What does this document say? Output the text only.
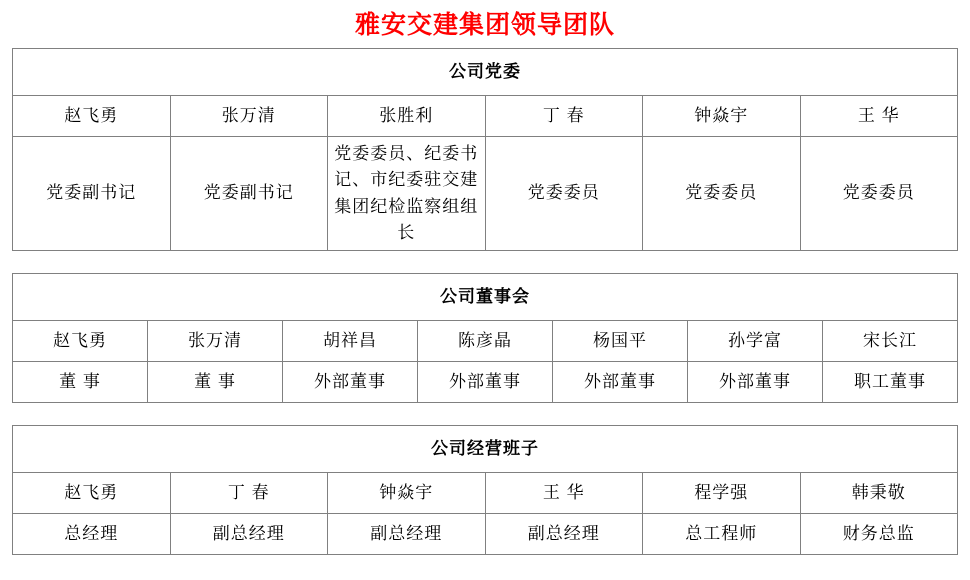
雅安交建集团领导团队
公司党委					
赵飞勇	张万清	张胜利	丁 春	钟焱宇	王 华
党委副书记	党委副书记	党委委员、纪委书记、市纪委驻交建集团纪检监察组组长	党委委员	党委委员	党委委员
公司董事会						
赵飞勇	张万清	胡祥昌	陈彦晶	杨国平	孙学富	宋长江
董 事	董 事	外部董事	外部董事	外部董事	外部董事	职工董事
公司经营班子					
赵飞勇	丁 春	钟焱宇	王 华	程学强	韩秉敬
总经理	副总经理	副总经理	副总经理	总工程师	财务总监
